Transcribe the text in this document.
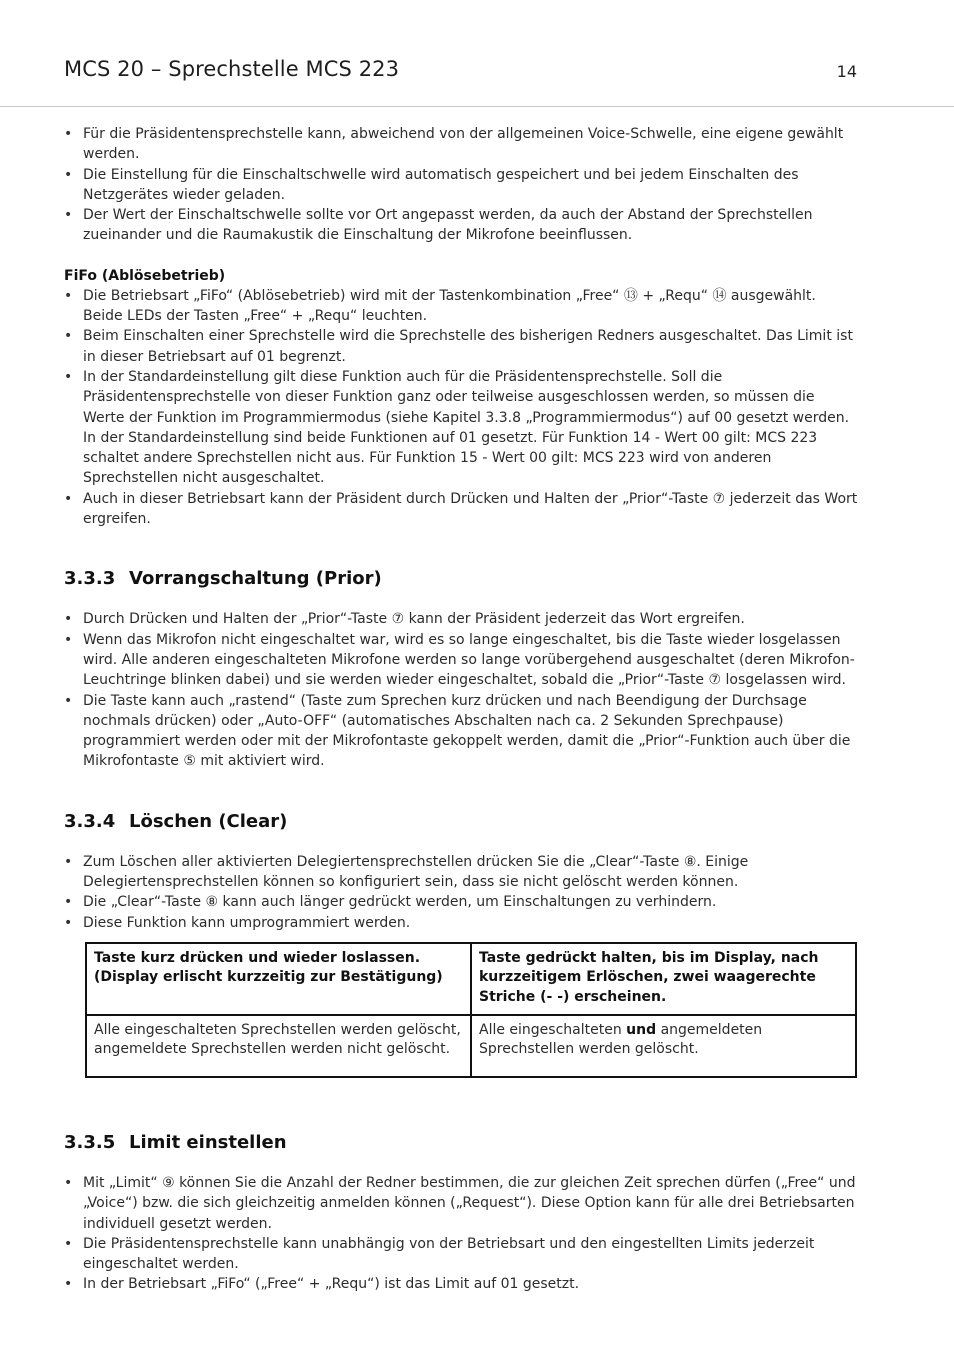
MCS 20 – Sprechstelle MCS 223	14
• Für die Präsidentensprechstelle kann, abweichend von der allgemeinen Voice-Schwelle, eine eigene gewählt werden.
• Die Einstellung für die Einschaltschwelle wird automatisch gespeichert und bei jedem Einschalten des Netzgerätes wieder geladen.
• Der Wert der Einschaltschwelle sollte vor Ort angepasst werden, da auch der Abstand der Sprechstellen zueinander und die Raumakustik die Einschaltung der Mikrofone beeinflussen.
FiFo (Ablösebetrieb)
• Die Betriebsart „FiFo“ (Ablösebetrieb) wird mit der Tastenkombination „Free“ ⑬ + „Requ“ ⑭ ausgewählt. Beide LEDs der Tasten „Free“ + „Requ“ leuchten.
• Beim Einschalten einer Sprechstelle wird die Sprechstelle des bisherigen Redners ausgeschaltet. Das Limit ist in dieser Betriebsart auf 01 begrenzt.
• In der Standardeinstellung gilt diese Funktion auch für die Präsidentensprechstelle. Soll die Präsidentensprechstelle von dieser Funktion ganz oder teilweise ausgeschlossen werden, so müssen die Werte der Funktion im Programmiermodus (siehe Kapitel 3.3.8 „Programmiermodus“) auf 00 gesetzt werden. In der Standardeinstellung sind beide Funktionen auf 01 gesetzt. Für Funktion 14 - Wert 00 gilt: MCS 223 schaltet andere Sprechstellen nicht aus. Für Funktion 15 - Wert 00 gilt: MCS 223 wird von anderen Sprechstellen nicht ausgeschaltet.
• Auch in dieser Betriebsart kann der Präsident durch Drücken und Halten der „Prior“-Taste ⑦ jederzeit das Wort ergreifen.
3.3.3 Vorrangschaltung (Prior)
• Durch Drücken und Halten der „Prior“-Taste ⑦ kann der Präsident jederzeit das Wort ergreifen.
• Wenn das Mikrofon nicht eingeschaltet war, wird es so lange eingeschaltet, bis die Taste wieder losgelassen wird. Alle anderen eingeschalteten Mikrofone werden so lange vorübergehend ausgeschaltet (deren Mikrofon-Leuchtringe blinken dabei) und sie werden wieder eingeschaltet, sobald die „Prior“-Taste ⑦ losgelassen wird.
• Die Taste kann auch „rastend“ (Taste zum Sprechen kurz drücken und nach Beendigung der Durchsage nochmals drücken) oder „Auto-OFF“ (automatisches Abschalten nach ca. 2 Sekunden Sprechpause) programmiert werden oder mit der Mikrofontaste gekoppelt werden, damit die „Prior“-Funktion auch über die Mikrofontaste ⑤ mit aktiviert wird.
3.3.4 Löschen (Clear)
• Zum Löschen aller aktivierten Delegiertensprechstellen drücken Sie die „Clear“-Taste ⑧. Einige Delegiertensprechstellen können so konfiguriert sein, dass sie nicht gelöscht werden können.
• Die „Clear“-Taste ⑧ kann auch länger gedrückt werden, um Einschaltungen zu verhindern.
• Diese Funktion kann umprogrammiert werden.
Taste kurz drücken und wieder loslassen. (Display erlischt kurzzeitig zur Bestätigung)	Taste gedrückt halten, bis im Display, nach kurzzeitigem Erlöschen, zwei waagerechte Striche (- -) erscheinen.
Alle eingeschalteten Sprechstellen werden gelöscht, angemeldete Sprechstellen werden nicht gelöscht.	Alle eingeschalteten und angemeldeten Sprechstellen werden gelöscht.
3.3.5 Limit einstellen
• Mit „Limit“ ⑨ können Sie die Anzahl der Redner bestimmen, die zur gleichen Zeit sprechen dürfen („Free“ und „Voice“) bzw. die sich gleichzeitig anmelden können („Request“). Diese Option kann für alle drei Betriebsarten individuell gesetzt werden.
• Die Präsidentensprechstelle kann unabhängig von der Betriebsart und den eingestellten Limits jederzeit eingeschaltet werden.
• In der Betriebsart „FiFo“ („Free“ + „Requ“) ist das Limit auf 01 gesetzt.
